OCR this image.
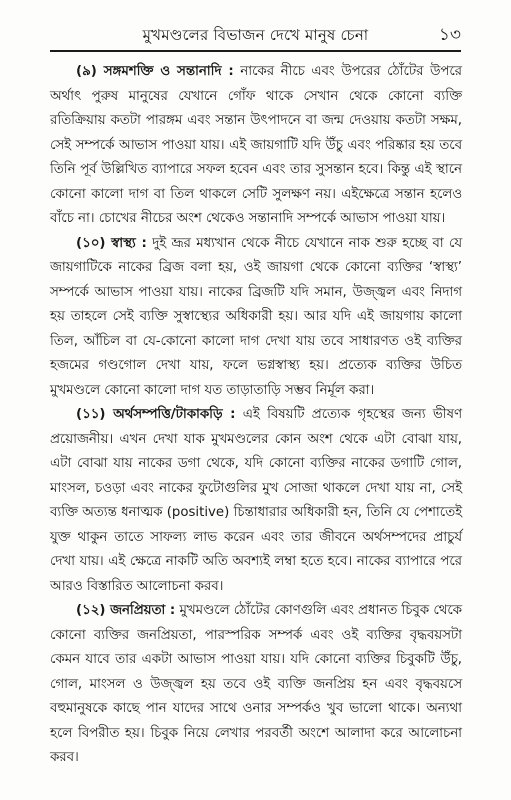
মুখমণ্ডলের বিভাজন দেখে মানুষ চেনা	১৩

(৯) সঙ্গমশক্তি ও সন্তানাদি : নাকের নীচে এবং উপরের ঠোঁটের উপরে অর্থাৎ পুরুষ মানুষের যেখানে গোঁফ থাকে সেখান থেকে কোনো ব্যক্তি রতিক্রিয়ায় কতটা পারঙ্গম এবং সন্তান উৎপাদনে বা জন্ম দেওয়ায় কতটা সক্ষম, সেই সম্পর্কে আভাস পাওয়া যায়। এই জায়গাটি যদি উঁচু এবং পরিষ্কার হয় তবে তিনি পূর্ব উল্লিখিত ব্যাপারে সফল হবেন এবং তার সুসন্তান হবে। কিন্তু এই স্থানে কোনো কালো দাগ বা তিল থাকলে সেটি সুলক্ষণ নয়। এইক্ষেত্রে সন্তান হলেও বাঁচে না। চোখের নীচের অংশ থেকেও সন্তানাদি সম্পর্কে আভাস পাওয়া যায়।

(১০) স্বাস্থ্য : দুই ভ্রূর মধ্যখান থেকে নীচে যেখানে নাক শুরু হচ্ছে বা যে জায়গাটিকে নাকের ব্রিজ বলা হয়, ওই জায়গা থেকে কোনো ব্যক্তির ‘স্বাস্থ্য’ সম্পর্কে আভাস পাওয়া যায়। নাকের ব্রিজটি যদি সমান, উজ্জ্বল এবং নিদাগ হয় তাহলে সেই ব্যক্তি সুস্বাস্থ্যের অধিকারী হয়। আর যদি এই জায়গায় কালো তিল, আঁচিল বা যে-কোনো কালো দাগ দেখা যায় তবে সাধারণত ওই ব্যক্তির হজমের গণ্ডগোল দেখা যায়, ফলে ভগ্নস্বাস্থ্য হয়। প্রত্যেক ব্যক্তির উচিত মুখমণ্ডলে কোনো কালো দাগ যত তাড়াতাড়ি সম্ভব নির্মূল করা।

(১১) অর্থসম্পত্তি/টাকাকড়ি : এই বিষয়টি প্রত্যেক গৃহস্থের জন্য ভীষণ প্রয়োজনীয়। এখন দেখা যাক মুখমণ্ডলের কোন অংশ থেকে এটা বোঝা যায়, এটা বোঝা যায় নাকের ডগা থেকে, যদি কোনো ব্যক্তির নাকের ডগাটি গোল, মাংসল, চওড়া এবং নাকের ফুটোগুলির মুখ সোজা থাকলে দেখা যায় না, সেই ব্যক্তি অত্যন্ত ধনাত্মক (positive) চিন্তাধারার অধিকারী হন, তিনি যে পেশাতেই যুক্ত থাকুন তাতে সাফল্য লাভ করেন এবং তার জীবনে অর্থসম্পদের প্রাচুর্য দেখা যায়। এই ক্ষেত্রে নাকটি অতি অবশ্যই লম্বা হতে হবে। নাকের ব্যাপারে পরে আরও বিস্তারিত আলোচনা করব।

(১২) জনপ্রিয়তা : মুখমণ্ডলে ঠোঁটের কোণগুলি এবং প্রধানত চিবুক থেকে কোনো ব্যক্তির জনপ্রিয়তা, পারস্পরিক সম্পর্ক এবং ওই ব্যক্তির বৃদ্ধবয়সটা কেমন যাবে তার একটা আভাস পাওয়া যায়। যদি কোনো ব্যক্তির চিবুকটি উঁচু, গোল, মাংসল ও উজ্জ্বল হয় তবে ওই ব্যক্তি জনপ্রিয় হন এবং বৃদ্ধবয়সে বহুমানুষকে কাছে পান যাদের সাথে ওনার সম্পর্কও খুব ভালো থাকে। অন্যথা হলে বিপরীত হয়। চিবুক নিয়ে লেখার পরবর্তী অংশে আলাদা করে আলোচনা করব।
